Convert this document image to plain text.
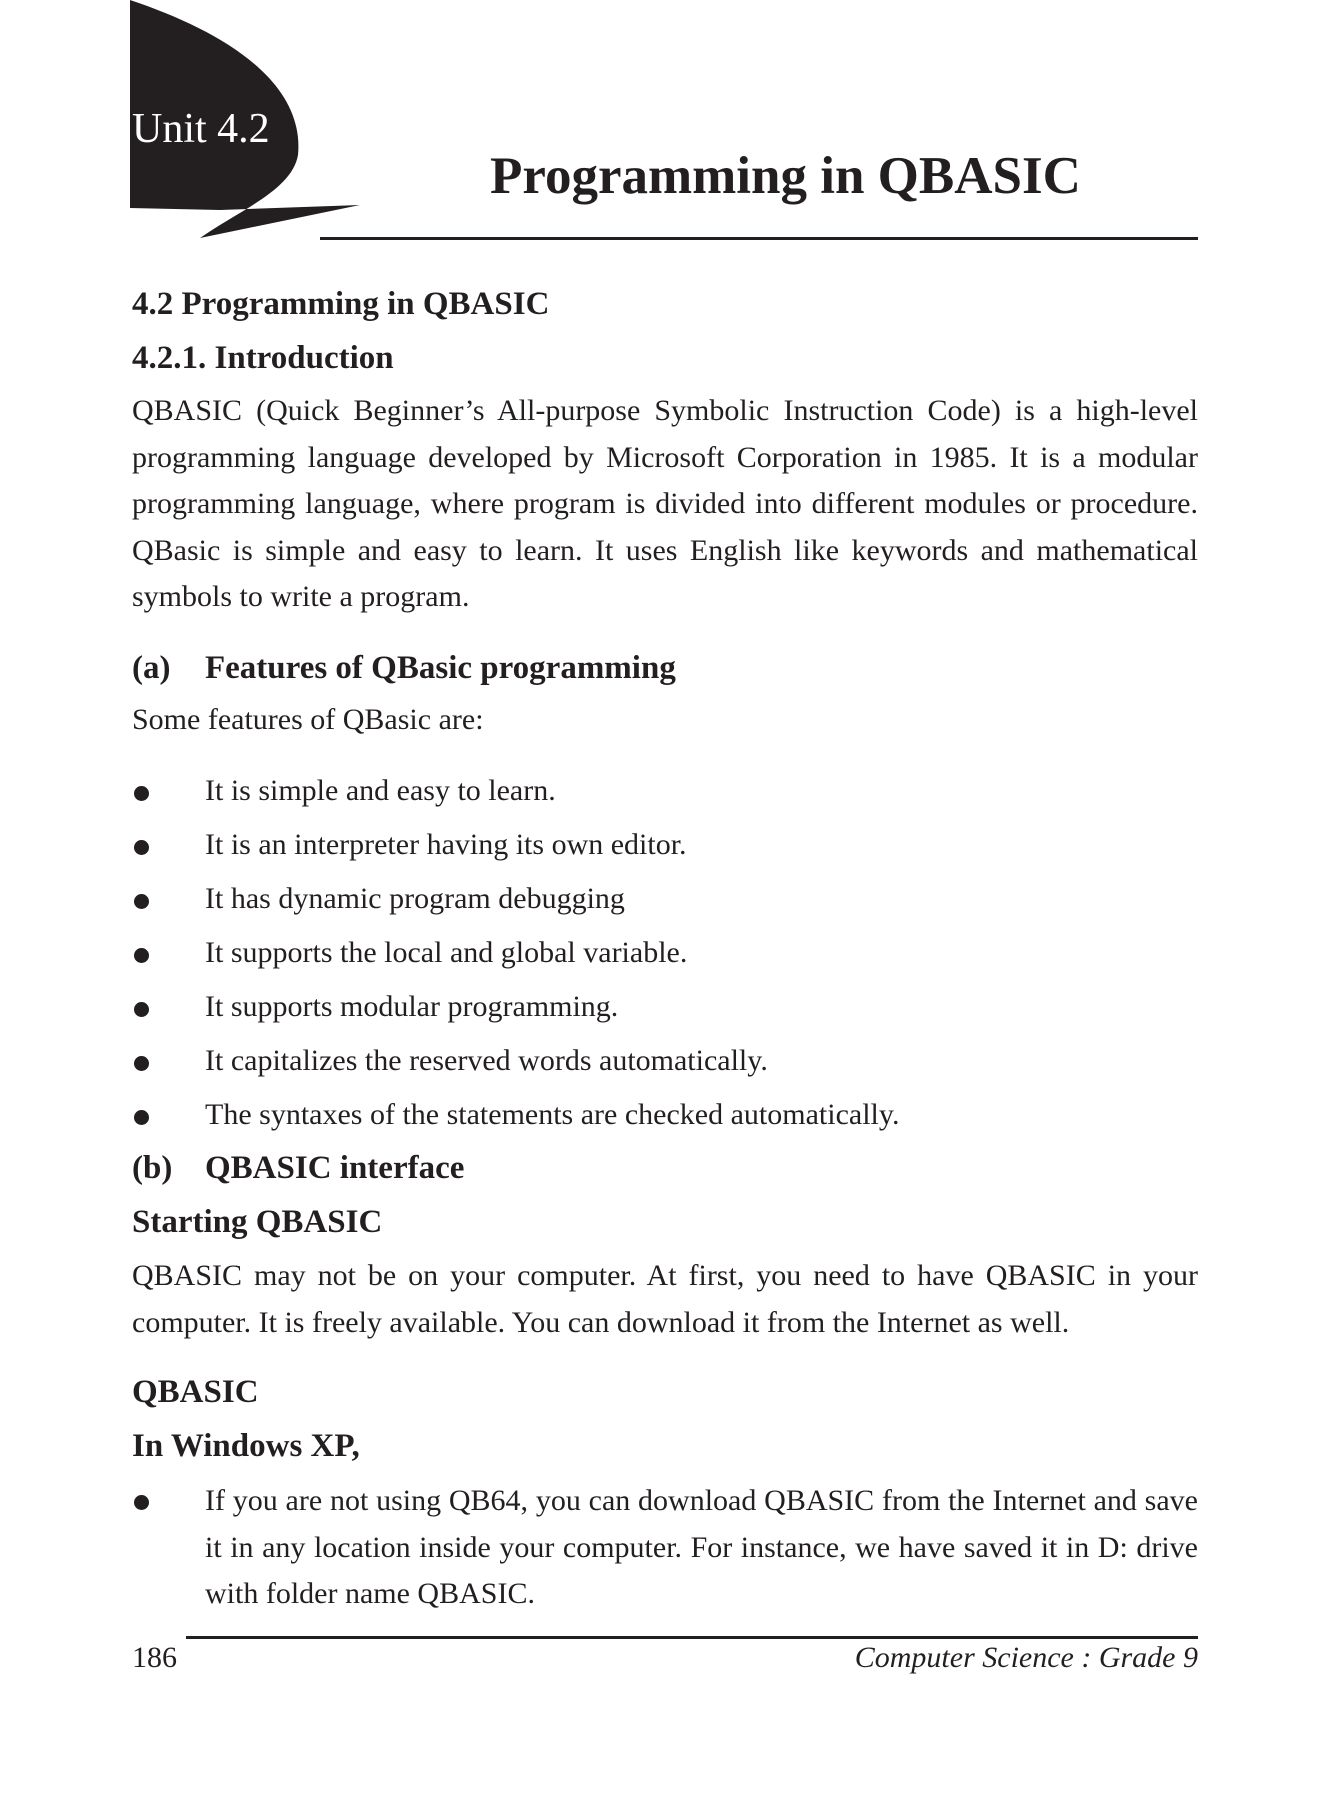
Unit 4.2
Programming in QBASIC
4.2 Programming in QBASIC
4.2.1. Introduction
QBASIC (Quick Beginner’s All-purpose Symbolic Instruction Code) is a high-level programming language developed by Microsoft Corporation in 1985. It is a modular programming language, where program is divided into different modules or procedure. QBasic is simple and easy to learn. It uses English like keywords and mathematical symbols to write a program.
(a) Features of QBasic programming
Some features of QBasic are:
It is simple and easy to learn.
It is an interpreter having its own editor.
It has dynamic program debugging
It supports the local and global variable.
It supports modular programming.
It capitalizes the reserved words automatically.
The syntaxes of the statements are checked automatically.
(b) QBASIC interface
Starting QBASIC
QBASIC may not be on your computer. At first, you need to have QBASIC in your computer. It is freely available. You can download it from the Internet as well.
QBASIC
In Windows XP,
If you are not using QB64, you can download QBASIC from the Internet and save it in any location inside your computer. For instance, we have saved it in D: drive with folder name QBASIC.
186	Computer Science : Grade 9
